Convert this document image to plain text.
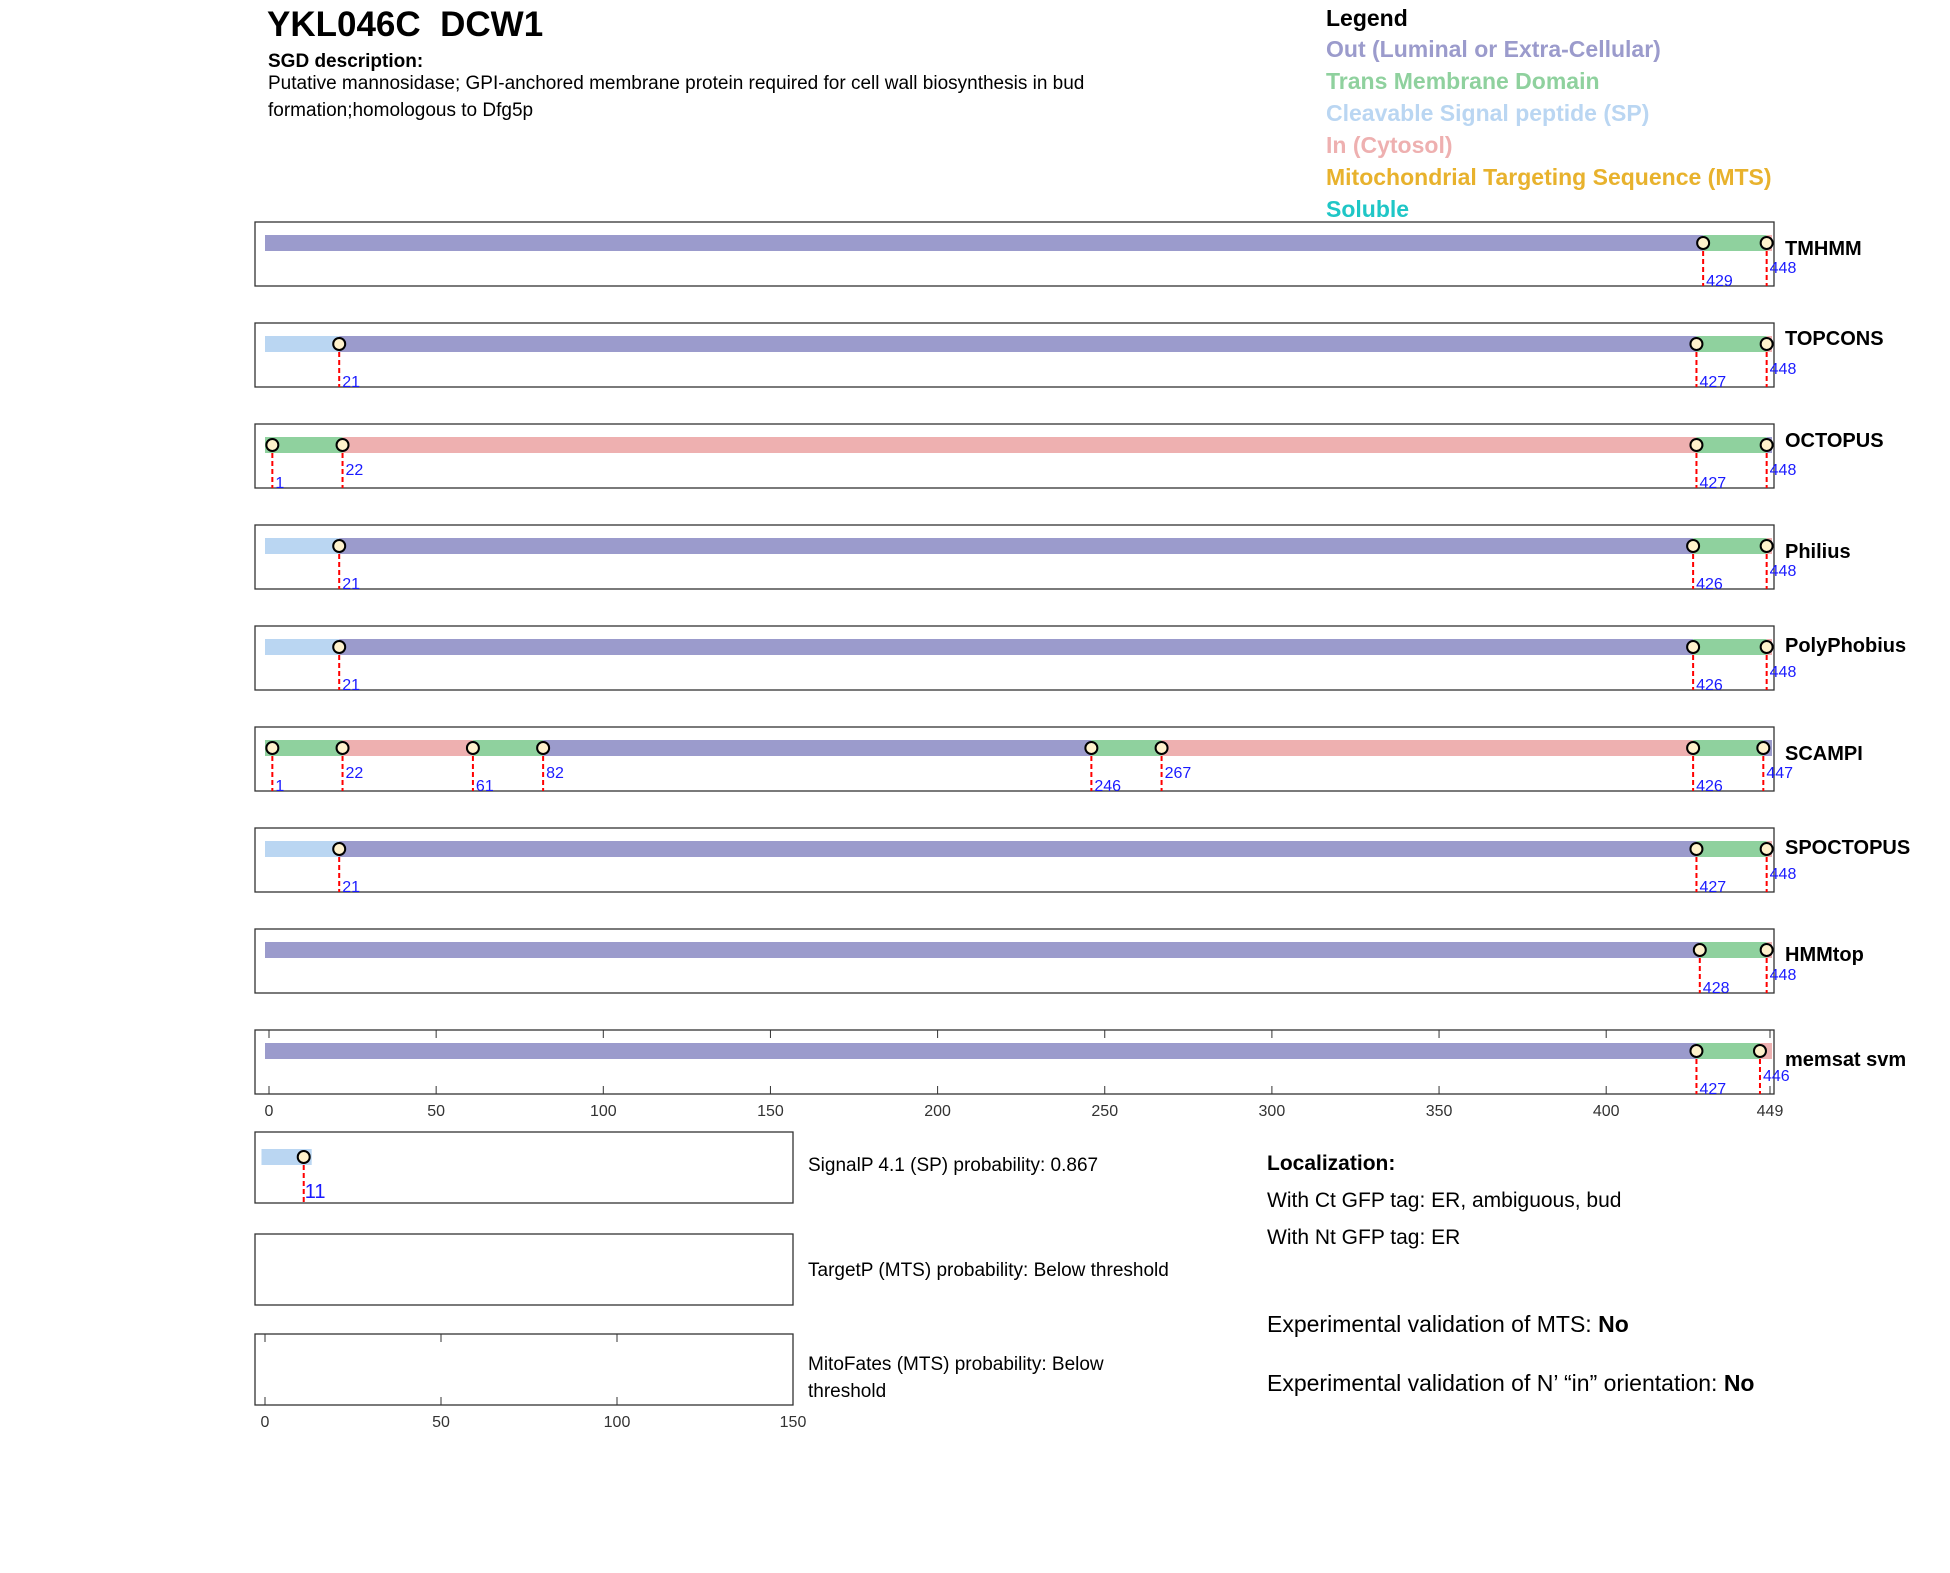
YKL046C  DCW1
SGD description:
Putative mannosidase; GPI-anchored membrane protein required for cell wall biosynthesis in bud formation;homologous to Dfg5p
Legend
Out (Luminal or Extra-Cellular)
Trans Membrane Domain
Cleavable Signal peptide (SP)
In (Cytosol)
Mitochondrial Targeting Sequence (MTS)
Soluble
429
448
TMHMM
21	427
448
TOPCONS
1
22
427
448
OCTOPUS
21	426
448
Philius
21	426
448
PolyPhobius
1
22
61
82
246
267
426
447
SCAMPI
21	427
448
SPOCTOPUS
428
448
HMMtop
427
446
memsat svm
0	50	100	150	200	250	300	350	400	449
11
0	50	100	150
SignalP 4.1 (SP) probability: 0.867
TargetP (MTS) probability: Below threshold
MitoFates (MTS) probability: Below
threshold
Localization:
With Ct GFP tag: ER, ambiguous, bud
With Nt GFP tag: ER
Experimental validation of MTS: No
Experimental validation of N’ “in” orientation: No
